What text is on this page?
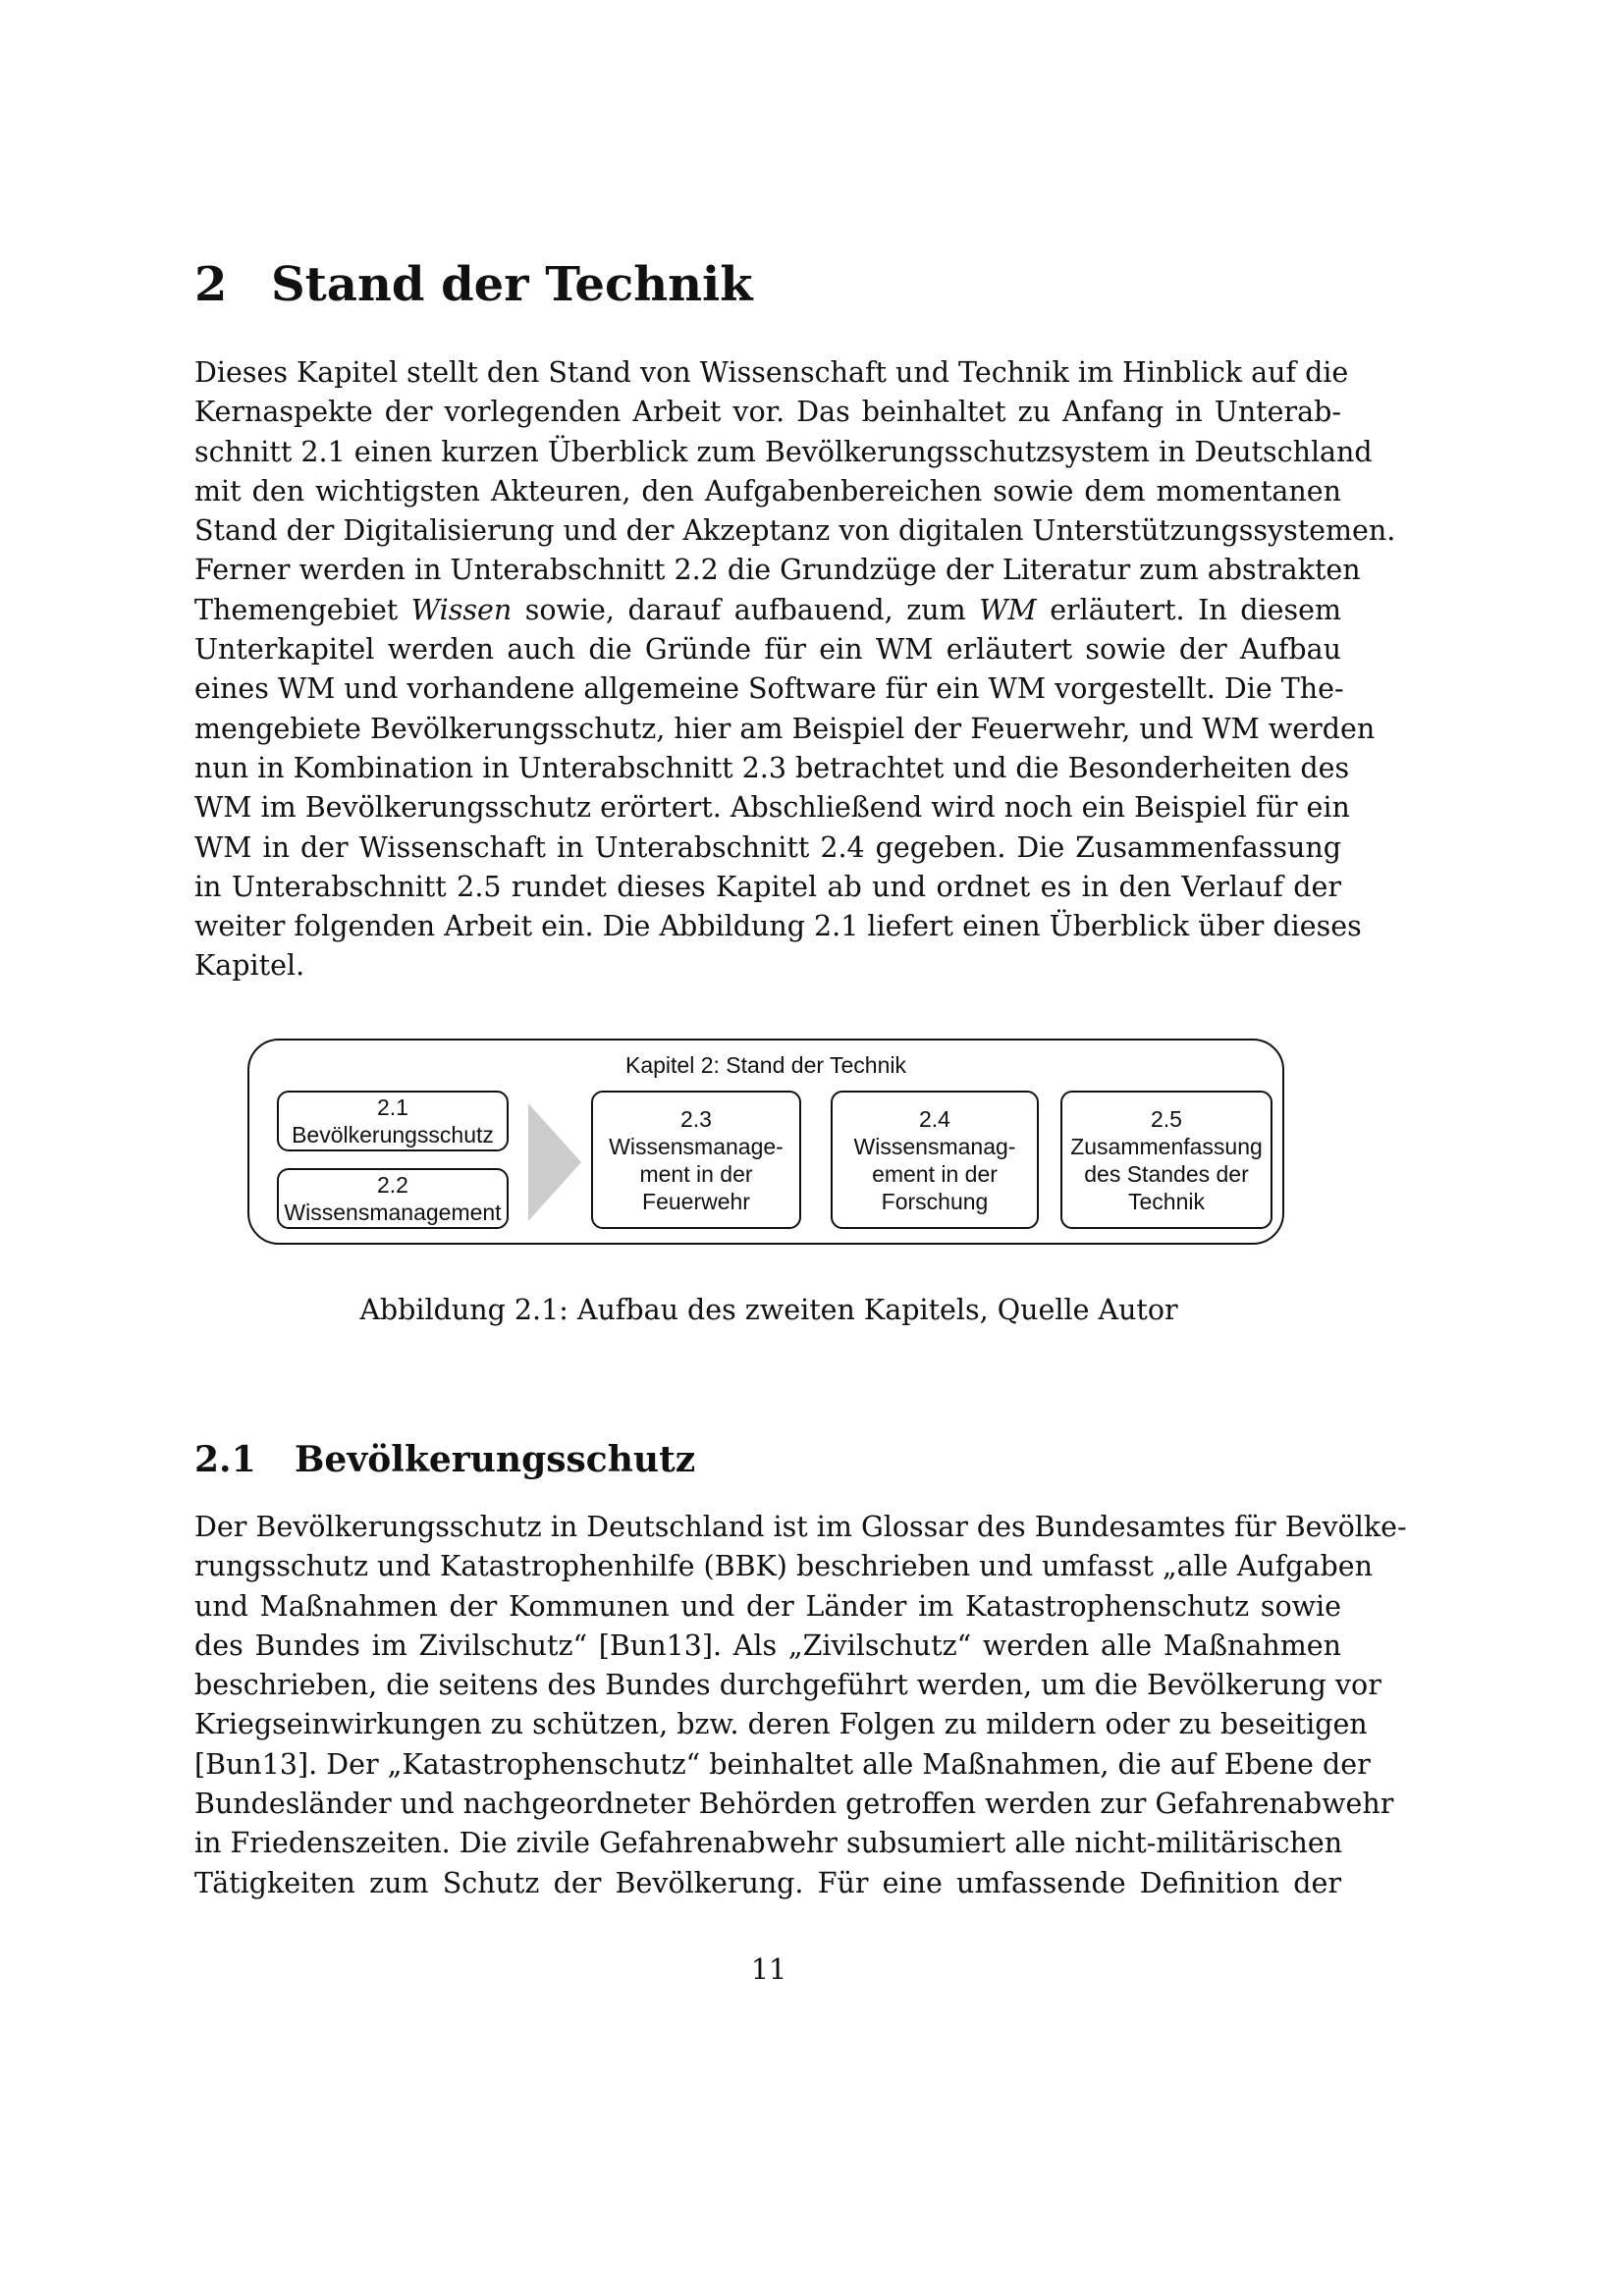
2 Stand der Technik
Dieses Kapitel stellt den Stand von Wissenschaft und Technik im Hinblick auf die
Kernaspekte der vorlegenden Arbeit vor. Das beinhaltet zu Anfang in Unterab-
schnitt 2.1 einen kurzen Überblick zum Bevölkerungsschutzsystem in Deutschland
mit den wichtigsten Akteuren, den Aufgabenbereichen sowie dem momentanen
Stand der Digitalisierung und der Akzeptanz von digitalen Unterstützungssystemen.
Ferner werden in Unterabschnitt 2.2 die Grundzüge der Literatur zum abstrakten
Themengebiet Wissen sowie, darauf aufbauend, zum WM erläutert. In diesem
Unterkapitel werden auch die Gründe für ein WM erläutert sowie der Aufbau
eines WM und vorhandene allgemeine Software für ein WM vorgestellt. Die The-
mengebiete Bevölkerungsschutz, hier am Beispiel der Feuerwehr, und WM werden
nun in Kombination in Unterabschnitt 2.3 betrachtet und die Besonderheiten des
WM im Bevölkerungsschutz erörtert. Abschließend wird noch ein Beispiel für ein
WM in der Wissenschaft in Unterabschnitt 2.4 gegeben. Die Zusammenfassung
in Unterabschnitt 2.5 rundet dieses Kapitel ab und ordnet es in den Verlauf der
weiter folgenden Arbeit ein. Die Abbildung 2.1 liefert einen Überblick über dieses
Kapitel.
Kapitel 2: Stand der Technik
2.1
Bevölkerungsschutz
2.2
Wissensmanagement
2.3
Wissensmanage-
ment in der
Feuerwehr
2.4
Wissensmanag-
ement in der
Forschung
2.5
Zusammenfassung
des Standes der
Technik

Abbildung 2.1: Aufbau des zweiten Kapitels, Quelle Autor

2.1 Bevölkerungsschutz
Der Bevölkerungsschutz in Deutschland ist im Glossar des Bundesamtes für Bevölke-
rungsschutz und Katastrophenhilfe (BBK) beschrieben und umfasst „alle Aufgaben
und Maßnahmen der Kommunen und der Länder im Katastrophenschutz sowie
des Bundes im Zivilschutz“ [Bun13]. Als „Zivilschutz“ werden alle Maßnahmen
beschrieben, die seitens des Bundes durchgeführt werden, um die Bevölkerung vor
Kriegseinwirkungen zu schützen, bzw. deren Folgen zu mildern oder zu beseitigen
[Bun13]. Der „Katastrophenschutz“ beinhaltet alle Maßnahmen, die auf Ebene der
Bundesländer und nachgeordneter Behörden getroffen werden zur Gefahrenabwehr
in Friedenszeiten. Die zivile Gefahrenabwehr subsumiert alle nicht-militärischen
Tätigkeiten zum Schutz der Bevölkerung. Für eine umfassende Definition der

11
